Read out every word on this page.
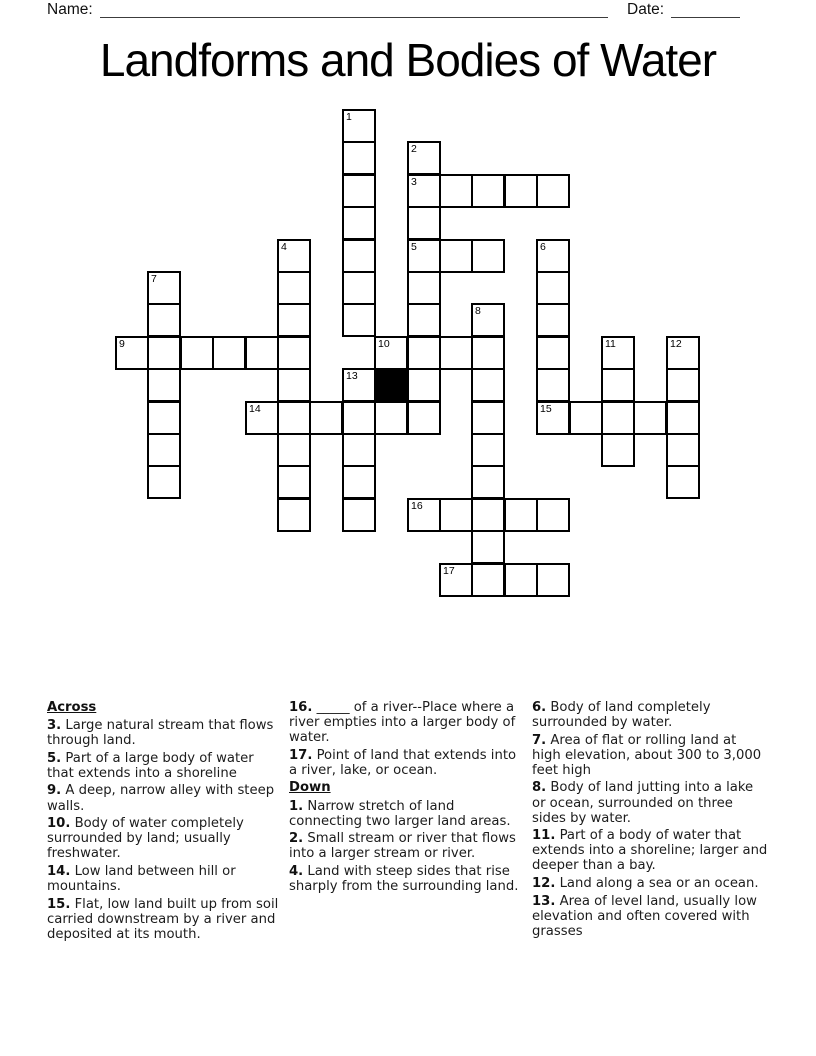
Name:	Date:
Landforms and Bodies of Water
1
2
3
5
4	6
15
7
8
9	10	11	12
13
14
16
17
Across

3. Large natural stream that flows through land.

5. Part of a large body of water that extends into a shoreline

9. A deep, narrow alley with steep walls.

10. Body of water completely surrounded by land; usually freshwater.

14. Low land between hill or mountains.

15. Flat, low land built up from soil carried downstream by a river and deposited at its mouth.

16. _____ of a river--Place where a river empties into a larger body of water.

17. Point of land that extends into a river, lake, or ocean.

Down

1. Narrow stretch of land connecting two larger land areas.

2. Small stream or river that flows into a larger stream or river.

4. Land with steep sides that rise sharply from the surrounding land.

6. Body of land completely surrounded by water.

7. Area of flat or rolling land at high elevation, about 300 to 3,000 feet high

8. Body of land jutting into a lake or ocean, surrounded on three sides by water.

11. Part of a body of water that extends into a shoreline; larger and deeper than a bay.

12. Land along a sea or an ocean.

13. Area of level land, usually low elevation and often covered with grasses
